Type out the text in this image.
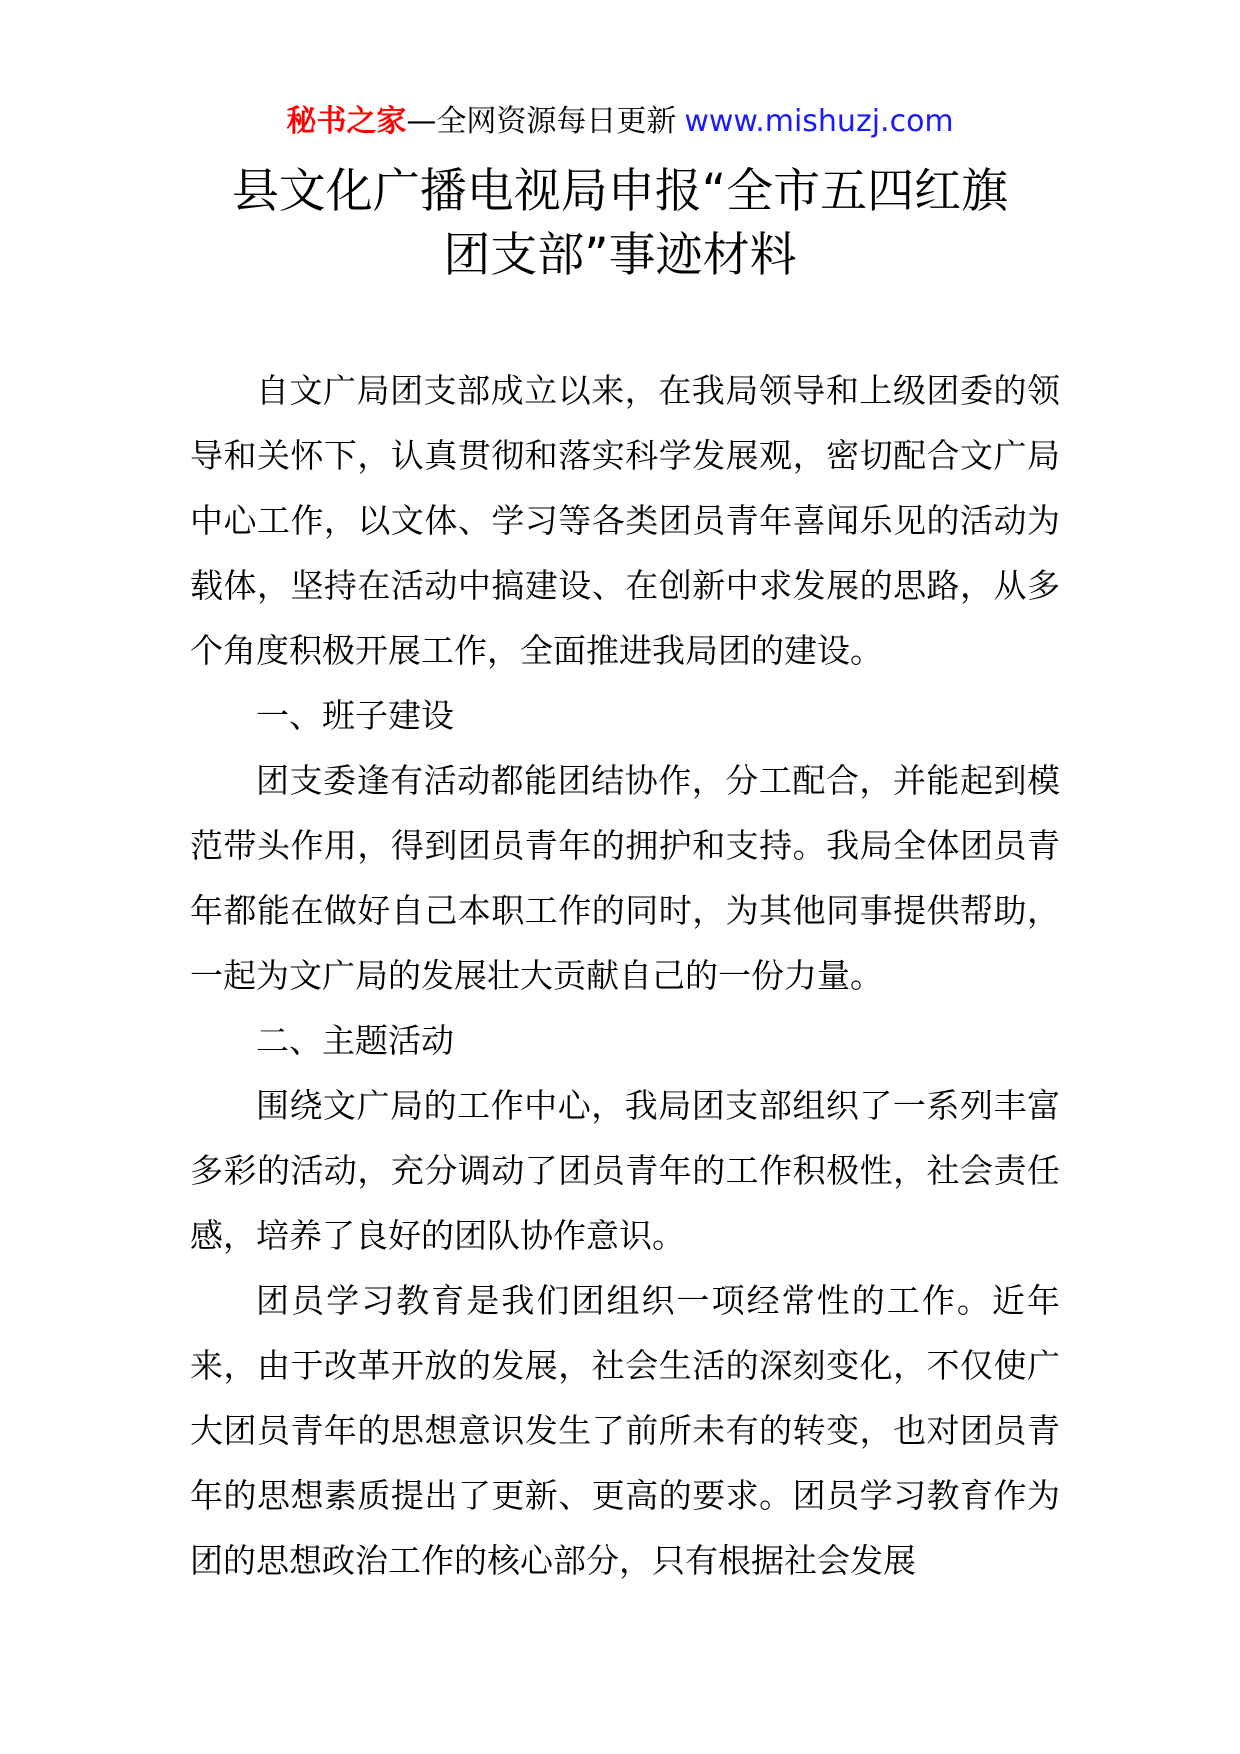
秘书之家—全网资源每日更新 www.mishuzj.com
县文化广播电视局申报“全市五四红旗
团支部”事迹材料

自文广局团支部成立以来，在我局领导和上级团委的领导和关怀下，认真贯彻和落实科学发展观，密切配合文广局中心工作，以文体、学习等各类团员青年喜闻乐见的活动为载体，坚持在活动中搞建设、在创新中求发展的思路，从多个角度积极开展工作，全面推进我局团的建设。

一、班子建设

团支委逢有活动都能团结协作，分工配合，并能起到模范带头作用，得到团员青年的拥护和支持。我局全体团员青年都能在做好自己本职工作的同时，为其他同事提供帮助，一起为文广局的发展壮大贡献自己的一份力量。

二、主题活动

围绕文广局的工作中心，我局团支部组织了一系列丰富多彩的活动，充分调动了团员青年的工作积极性，社会责任感，培养了良好的团队协作意识。

团员学习教育是我们团组织一项经常性的工作。近年来，由于改革开放的发展，社会生活的深刻变化，不仅使广大团员青年的思想意识发生了前所未有的转变，也对团员青年的思想素质提出了更新、更高的要求。团员学习教育作为团的思想政治工作的核心部分，只有根据社会发展
